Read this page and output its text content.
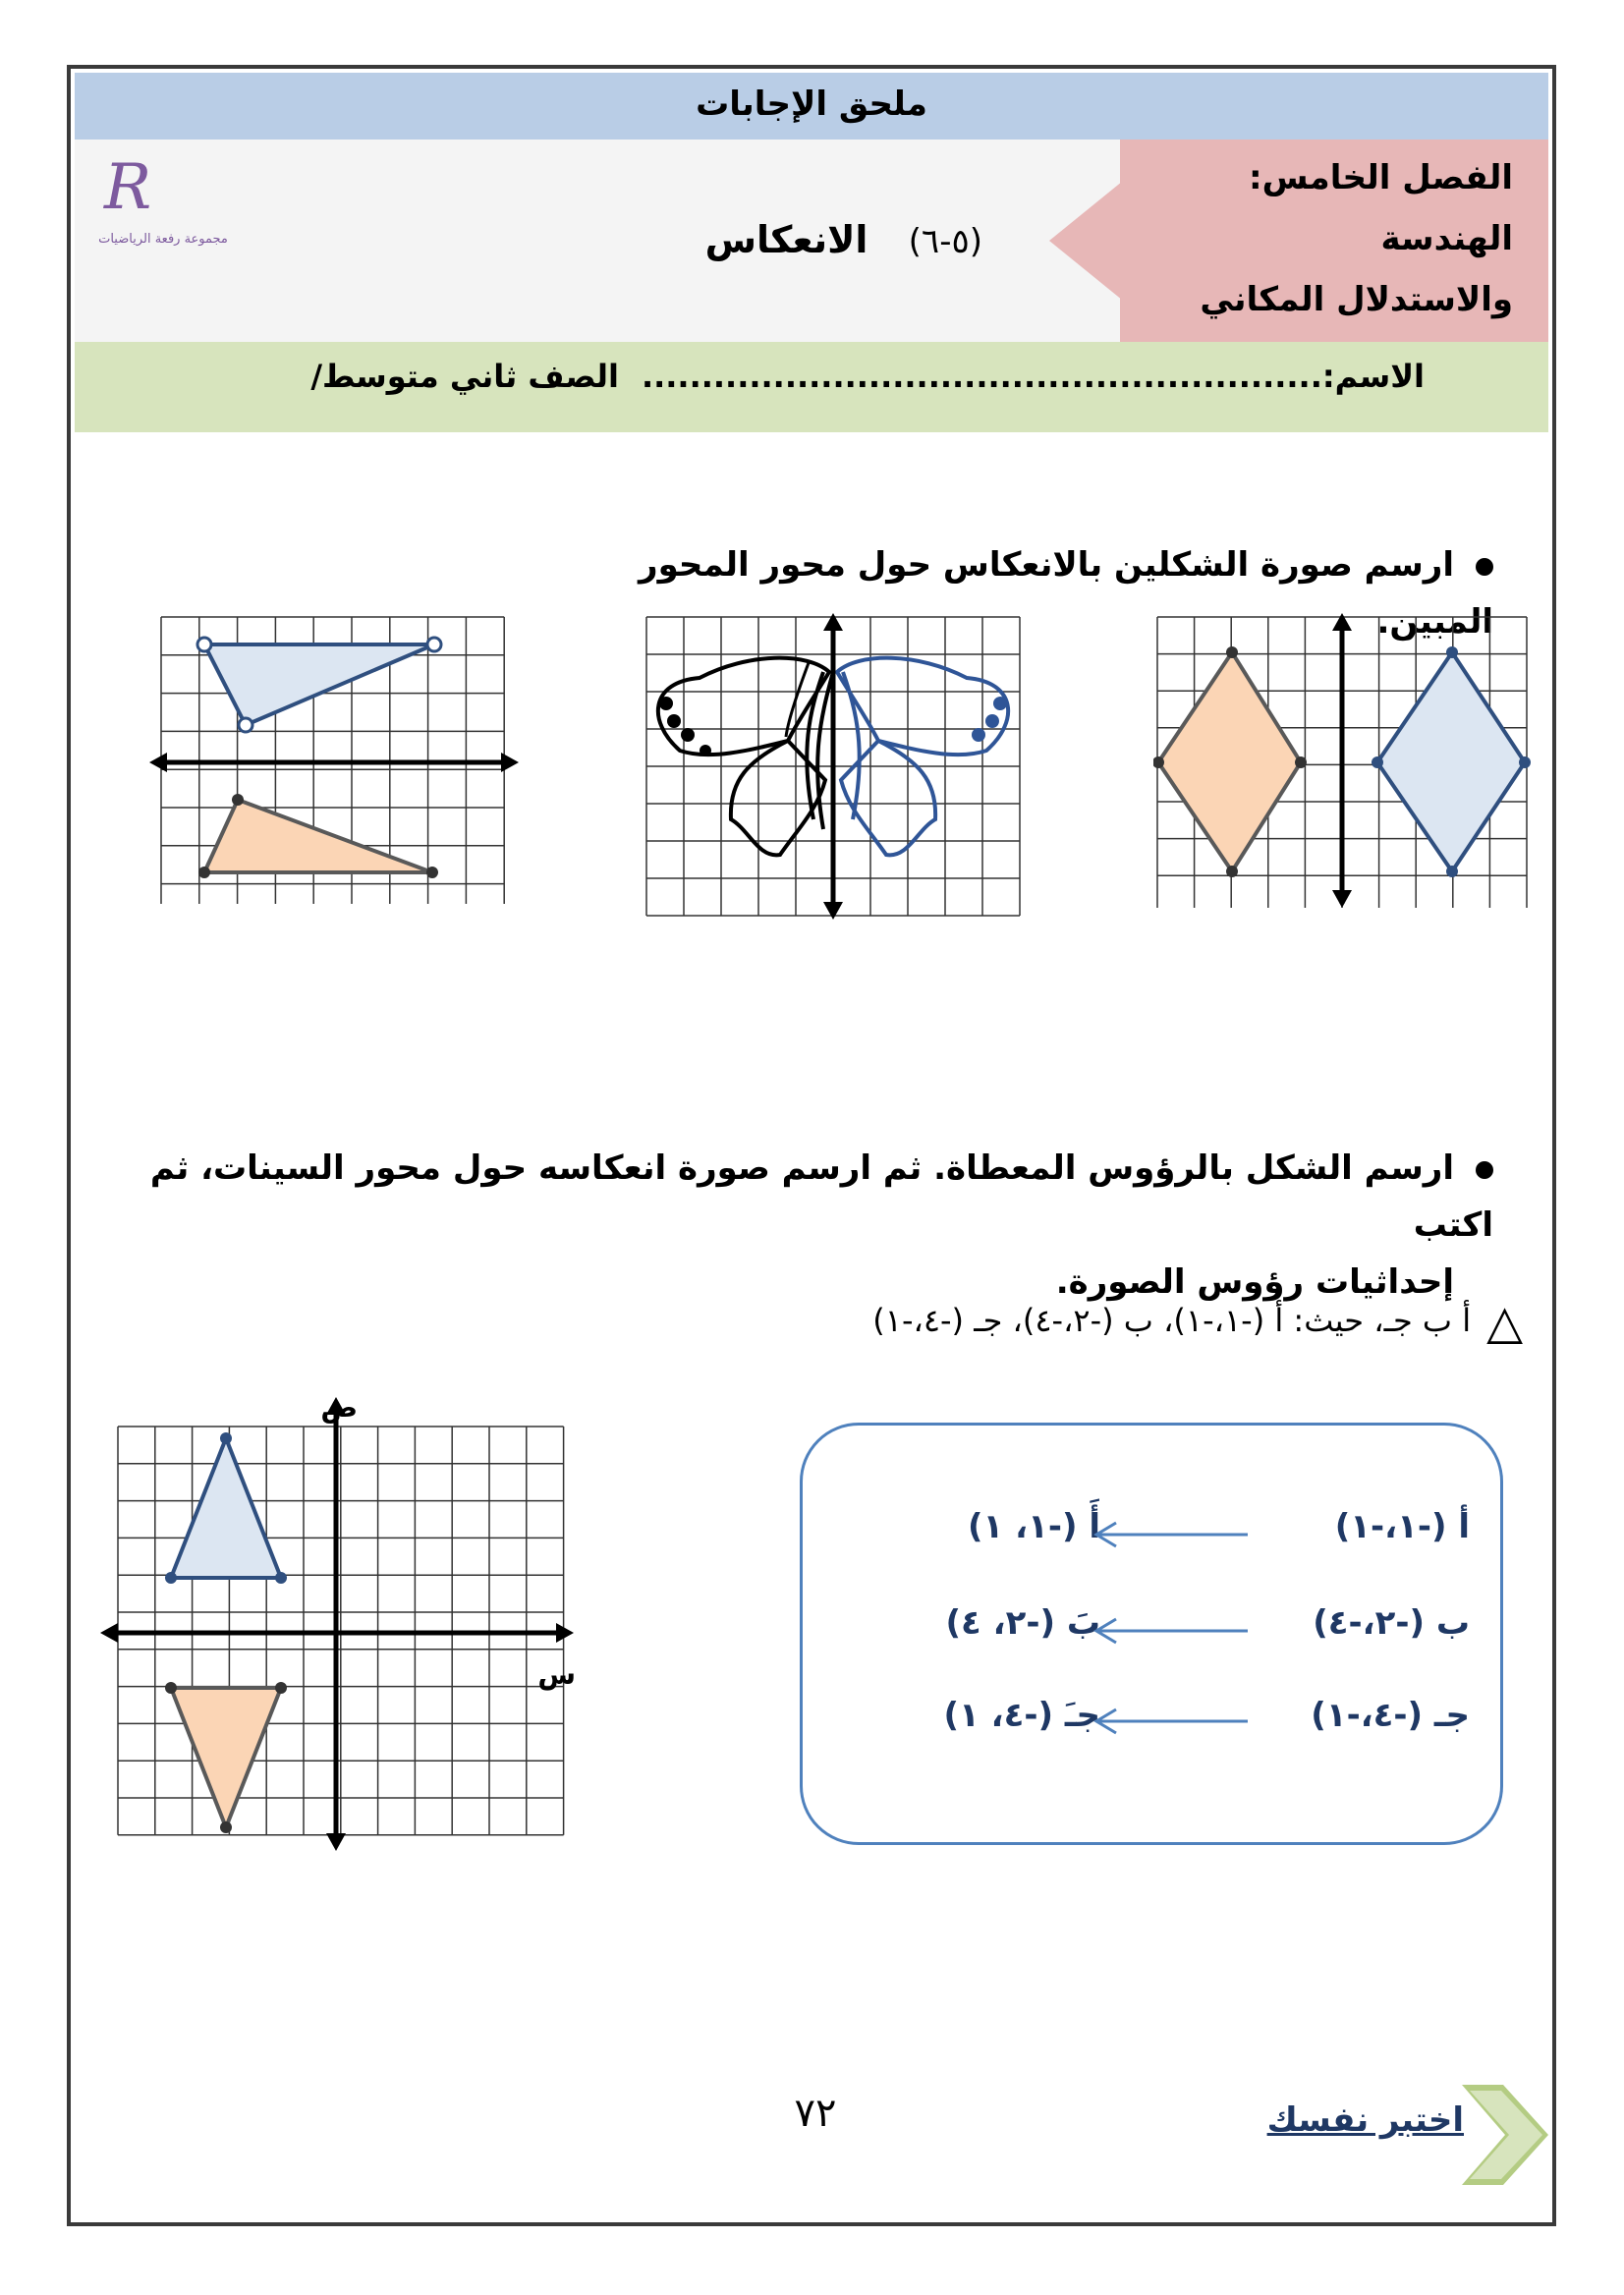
ملحق الإجابات
الفصل الخامس:
الهندسة
والاستدلال المكاني
(٥-٦) الانعكاس
R
مجموعة رفعة الرياضيات
الاسم:.........................................................
الصف ثاني متوسط/
ارسم صورة الشكلين بالانعكاس حول محور المحور المبين.
ارسم الشكل بالرؤوس المعطاة. ثم ارسم صورة انعكاسه حول محور السينات، ثم اكتب
إحداثيات رؤوس الصورة.
△أ ب جـ، حيث: أ (-١،-١)، ب (-٢،-٤)، جـ (-٤،-١)
ص
س
أ (-١،-١)
أَ (-١، ١)
ب (-٢،-٤)
بَ (-٢، ٤)
جـ (-٤،-١)
جـَ (-٤، ١)
٧٢	اختبر نفسك
